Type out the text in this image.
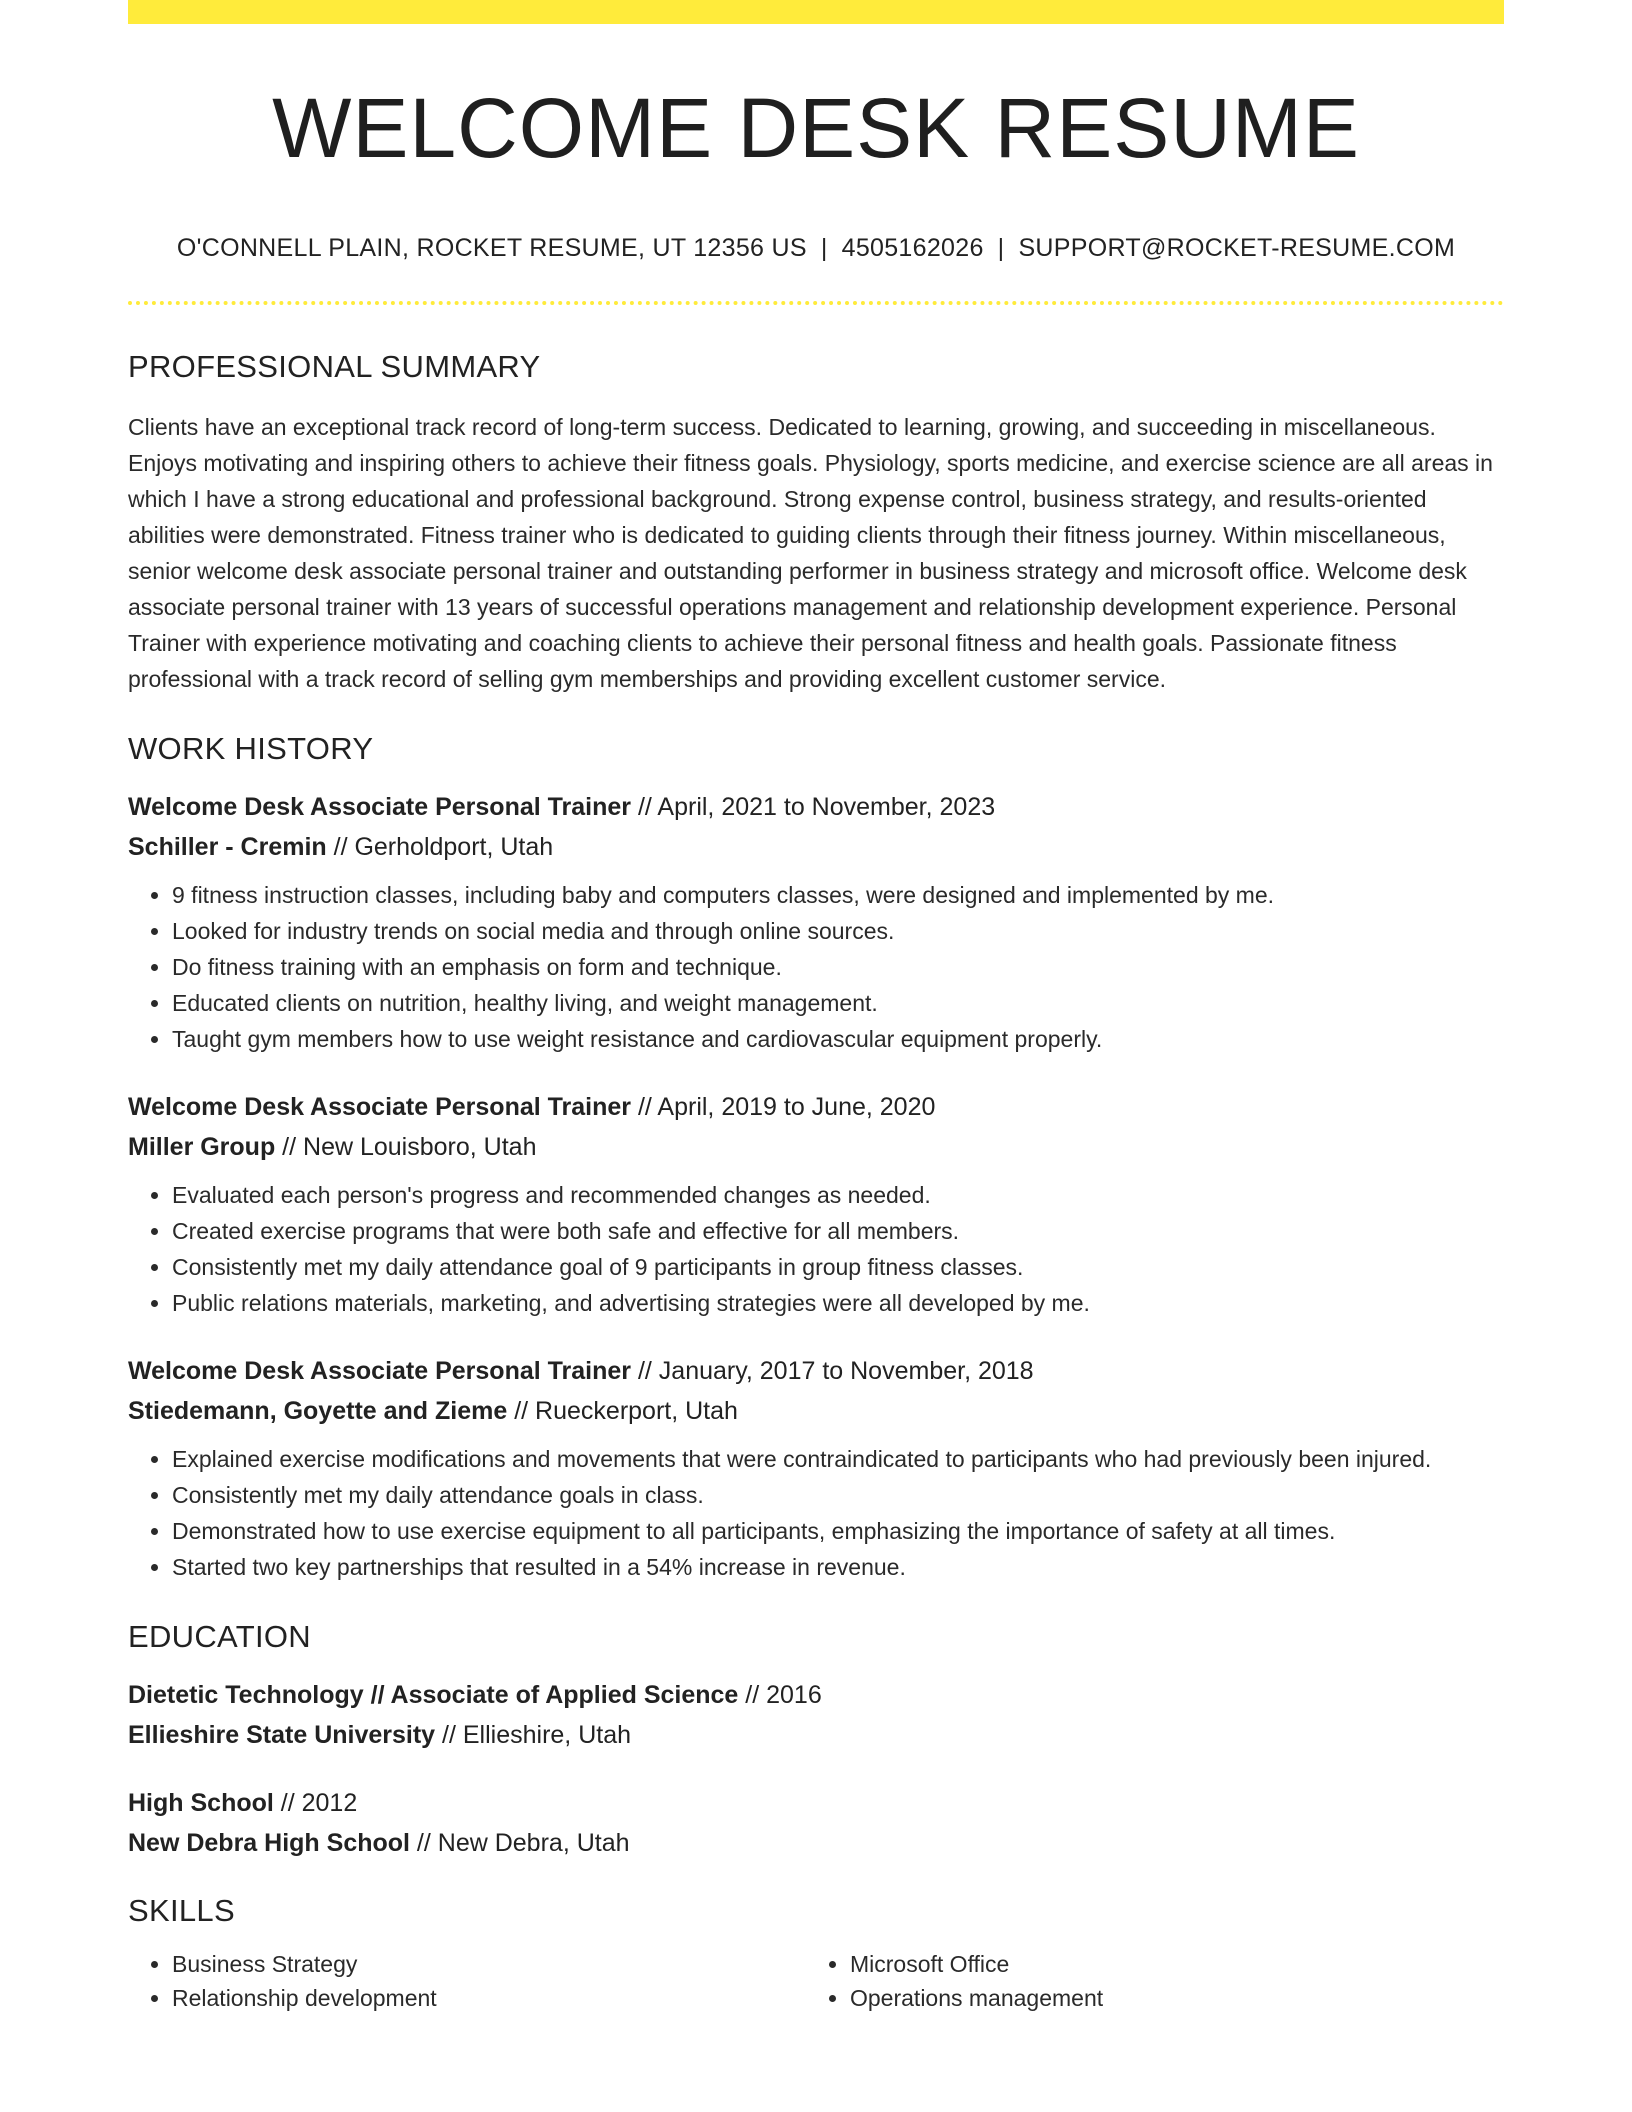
WELCOME DESK RESUME
O'CONNELL PLAIN, ROCKET RESUME, UT 12356 US | 4505162026 | SUPPORT@ROCKET-RESUME.COM
PROFESSIONAL SUMMARY

Clients have an exceptional track record of long-term success. Dedicated to learning, growing, and succeeding in miscellaneous. Enjoys motivating and inspiring others to achieve their fitness goals. Physiology, sports medicine, and exercise science are all areas in which I have a strong educational and professional background. Strong expense control, business strategy, and results-oriented abilities were demonstrated. Fitness trainer who is dedicated to guiding clients through their fitness journey. Within miscellaneous, senior welcome desk associate personal trainer and outstanding performer in business strategy and microsoft office. Welcome desk associate personal trainer with 13 years of successful operations management and relationship development experience. Personal Trainer with experience motivating and coaching clients to achieve their personal fitness and health goals. Passionate fitness professional with a track record of selling gym memberships and providing excellent customer service.

WORK HISTORY
Welcome Desk Associate Personal Trainer // April, 2021 to November, 2023
Schiller - Cremin // Gerholdport, Utah
• 9 fitness instruction classes, including baby and computers classes, were designed and implemented by me.
• Looked for industry trends on social media and through online sources.
• Do fitness training with an emphasis on form and technique.
• Educated clients on nutrition, healthy living, and weight management.
• Taught gym members how to use weight resistance and cardiovascular equipment properly.
Welcome Desk Associate Personal Trainer // April, 2019 to June, 2020
Miller Group // New Louisboro, Utah
• Evaluated each person's progress and recommended changes as needed.
• Created exercise programs that were both safe and effective for all members.
• Consistently met my daily attendance goal of 9 participants in group fitness classes.
• Public relations materials, marketing, and advertising strategies were all developed by me.
Welcome Desk Associate Personal Trainer // January, 2017 to November, 2018
Stiedemann, Goyette and Zieme // Rueckerport, Utah
• Explained exercise modifications and movements that were contraindicated to participants who had previously been injured.
• Consistently met my daily attendance goals in class.
• Demonstrated how to use exercise equipment to all participants, emphasizing the importance of safety at all times.
• Started two key partnerships that resulted in a 54% increase in revenue.
EDUCATION
Dietetic Technology // Associate of Applied Science // 2016
Ellieshire State University // Ellieshire, Utah
High School // 2012
New Debra High School // New Debra, Utah
SKILLS
• Business Strategy
• Relationship development
• Microsoft Office
• Operations management
